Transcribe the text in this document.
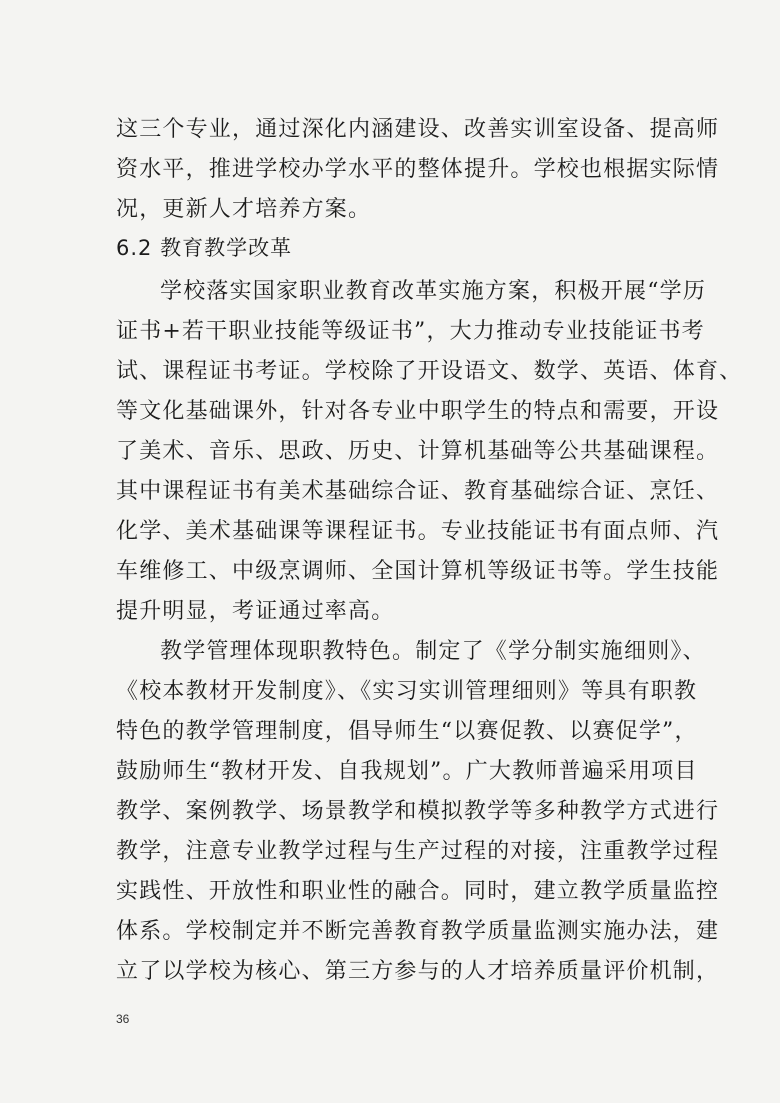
这三个专业，通过深化内涵建设、改善实训室设备、提高师
资水平，推进学校办学水平的整体提升。学校也根据实际情
况，更新人才培养方案。
6.2 教育教学改革
学校落实国家职业教育改革实施方案，积极开展“学历
证书+若干职业技能等级证书”，大力推动专业技能证书考
试、课程证书考证。学校除了开设语文、数学、英语、体育、
等文化基础课外，针对各专业中职学生的特点和需要，开设
了美术、音乐、思政、历史、计算机基础等公共基础课程。
其中课程证书有美术基础综合证、教育基础综合证、烹饪、
化学、美术基础课等课程证书。专业技能证书有面点师、汽
车维修工、中级烹调师、全国计算机等级证书等。学生技能
提升明显，考证通过率高。
教学管理体现职教特色。制定了《学分制实施细则》、
《校本教材开发制度》、《实习实训管理细则》等具有职教
特色的教学管理制度，倡导师生“以赛促教、以赛促学”，
鼓励师生“教材开发、自我规划”。广大教师普遍采用项目
教学、案例教学、场景教学和模拟教学等多种教学方式进行
教学，注意专业教学过程与生产过程的对接，注重教学过程
实践性、开放性和职业性的融合。同时，建立教学质量监控
体系。学校制定并不断完善教育教学质量监测实施办法，建
立了以学校为核心、第三方参与的人才培养质量评价机制，
36
